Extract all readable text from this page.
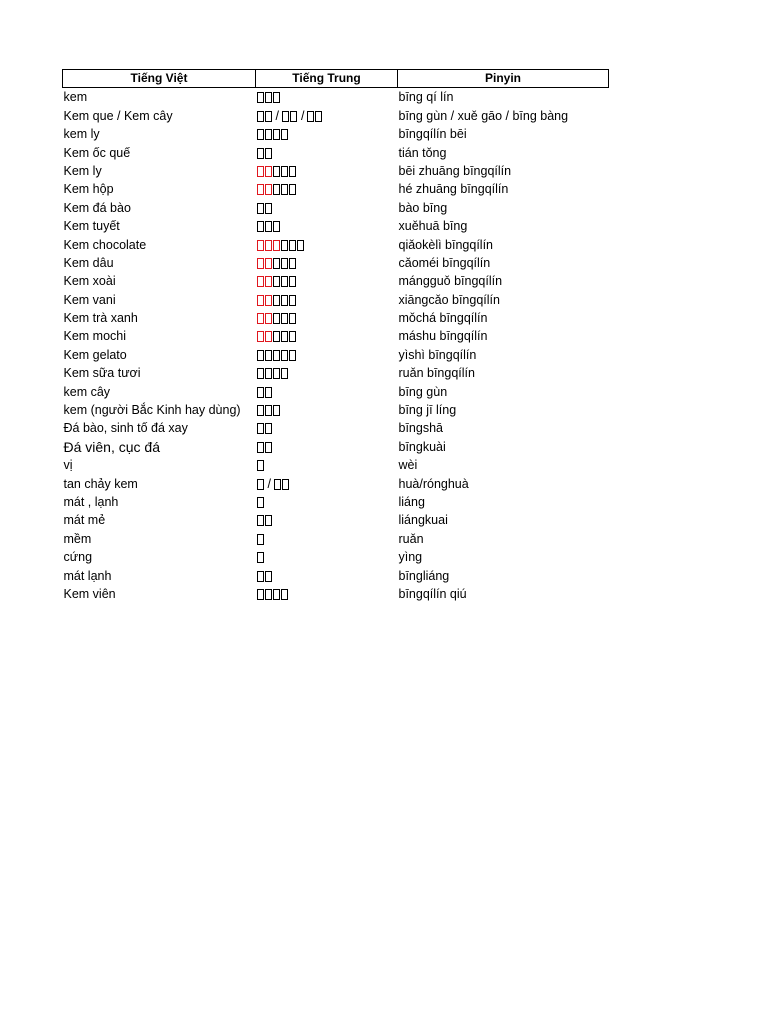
Tiếng Việt	Tiếng Trung	Pinyin
kem		bīng qí lín
Kem que / Kem cây	/ /	bīng gùn / xuě gāo / bīng bàng
kem ly		bīngqílín bēi
Kem ốc quế		tián tǒng
Kem ly		bēi zhuāng bīngqílín
Kem hộp		hé zhuāng bīngqílín
Kem đá bào		bào bīng
Kem tuyết		xuěhuā bīng
Kem chocolate		qiǎokèlì bīngqílín
Kem dâu		cǎoméi bīngqílín
Kem xoài		mángguǒ bīngqílín
Kem vani		xiāngcǎo bīngqílín
Kem trà xanh		mǒchá bīngqílín
Kem mochi		máshu bīngqílín
Kem gelato		yìshì bīngqílín
Kem sữa tươi		ruǎn bīngqílín
kem cây		bīng gùn
kem (người Bắc Kinh hay dùng)		bīng jī líng
Đá bào, sinh tố đá xay		bīngshā
Đá viên, cục đá		bīngkuài
vị		wèi
tan chảy kem	/	huà/rónghuà
mát , lạnh		liáng
mát mẻ		liángkuai
mềm		ruǎn
cứng		yìng
mát lạnh		bīngliáng
Kem viên		bīngqílín qiú
